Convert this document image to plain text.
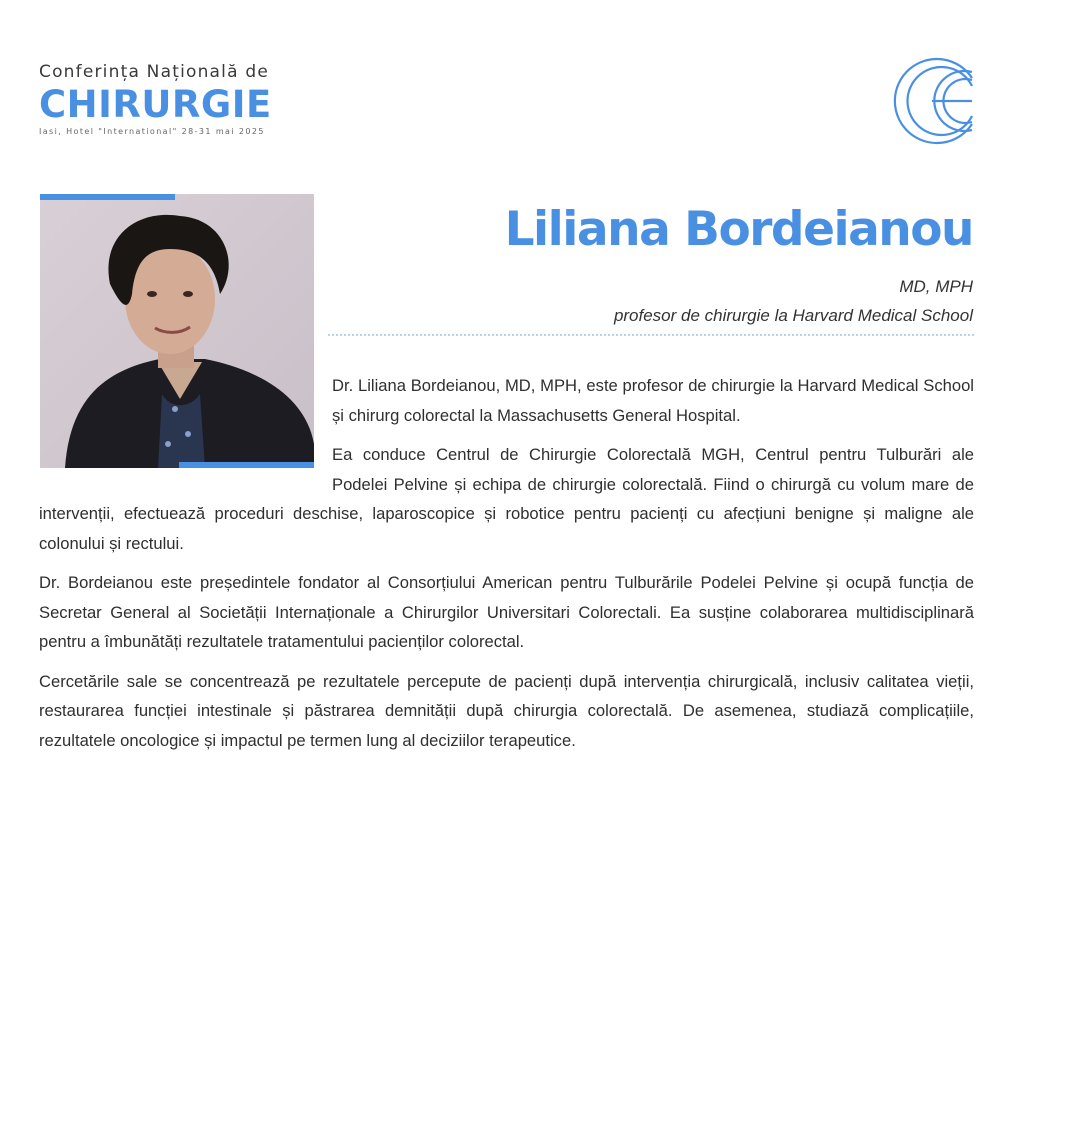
Conferința Națională de
CHIRURGIE
Iasi, Hotel "International" 28-31 mai 2025
Liliana Bordeianou
MD, MPH
profesor de chirurgie la Harvard Medical School

Dr. Liliana Bordeianou, MD, MPH, este profesor de chirurgie la Harvard Medical School și chirurg colorectal la Massachusetts General Hospital.

Ea conduce Centrul de Chirurgie Colorectală MGH, Centrul pentru Tulburări ale Podelei Pelvine și echipa de chirurgie colorectală. Fiind o chirurgă cu volum mare de intervenții, efectuează proceduri deschise, laparoscopice și robotice pentru pacienți cu afecțiuni benigne și maligne ale colonului și rectului.

Dr. Bordeianou este președintele fondator al Consorțiului American pentru Tulburările Podelei Pelvine și ocupă funcția de Secretar General al Societății Internaționale a Chirurgilor Universitari Colorectali. Ea susține colaborarea multidisciplinară pentru a îmbunătăți rezultatele tratamentului pacienților colorectal.

Cercetările sale se concentrează pe rezultatele percepute de pacienți după intervenția chirurgicală, inclusiv calitatea vieții, restaurarea funcției intestinale și păstrarea demnității după chirurgia colorectală. De asemenea, studiază complicațiile, rezultatele oncologice și impactul pe termen lung al deciziilor terapeutice.
